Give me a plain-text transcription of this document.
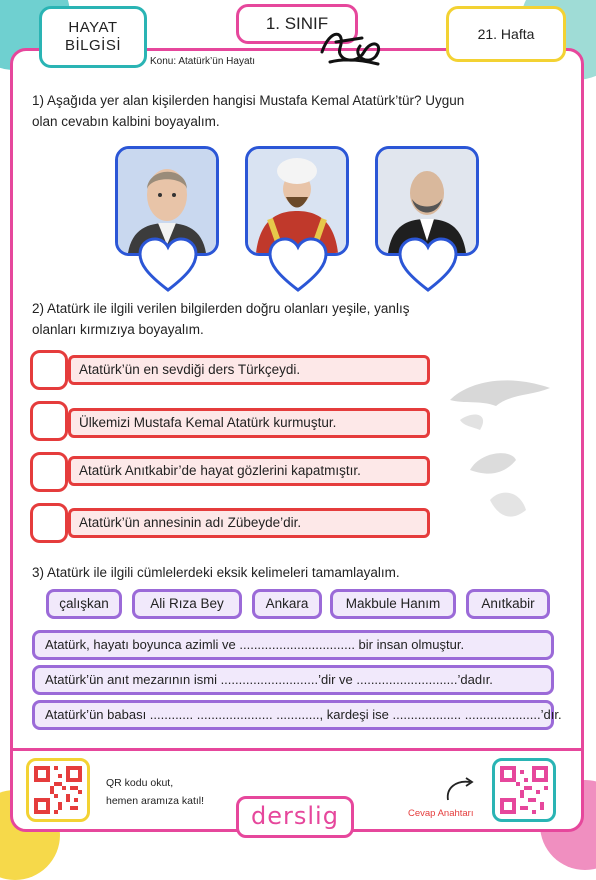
HAYAT
BİLGİSİ
1. SINIF
21. Hafta
Konu: Atatürk’ün Hayatı
1) Aşağıda yer alan kişilerden hangisi Mustafa Kemal Atatürk’tür? Uygun
olan cevabın kalbini boyayalım.
2) Atatürk ile ilgili verilen bilgilerden doğru olanları yeşile, yanlış
olanları kırmızıya boyayalım.
Atatürk’ün en sevdiği ders Türkçeydi.
Ülkemizi Mustafa Kemal Atatürk kurmuştur.
Atatürk Anıtkabir’de hayat gözlerini kapatmıştır.
Atatürk’ün annesinin adı Zübeyde’dir.
3) Atatürk ile ilgili cümlelerdeki eksik kelimeleri tamamlayalım.
çalışkan	Ali Rıza Bey	Ankara	Makbule Hanım	Anıtkabir
Atatürk, hayatı boyunca azimli ve ................................ bir insan olmuştur.
Atatürk’ün anıt mezarının ismi ...........................’dir ve ............................’dadır.
Atatürk’ün babası ............ ..................... ............, kardeşi ise ................... .....................’dır.
QR kodu okut,
hemen aramıza katıl!
derslig	Cevap Anahtarı
